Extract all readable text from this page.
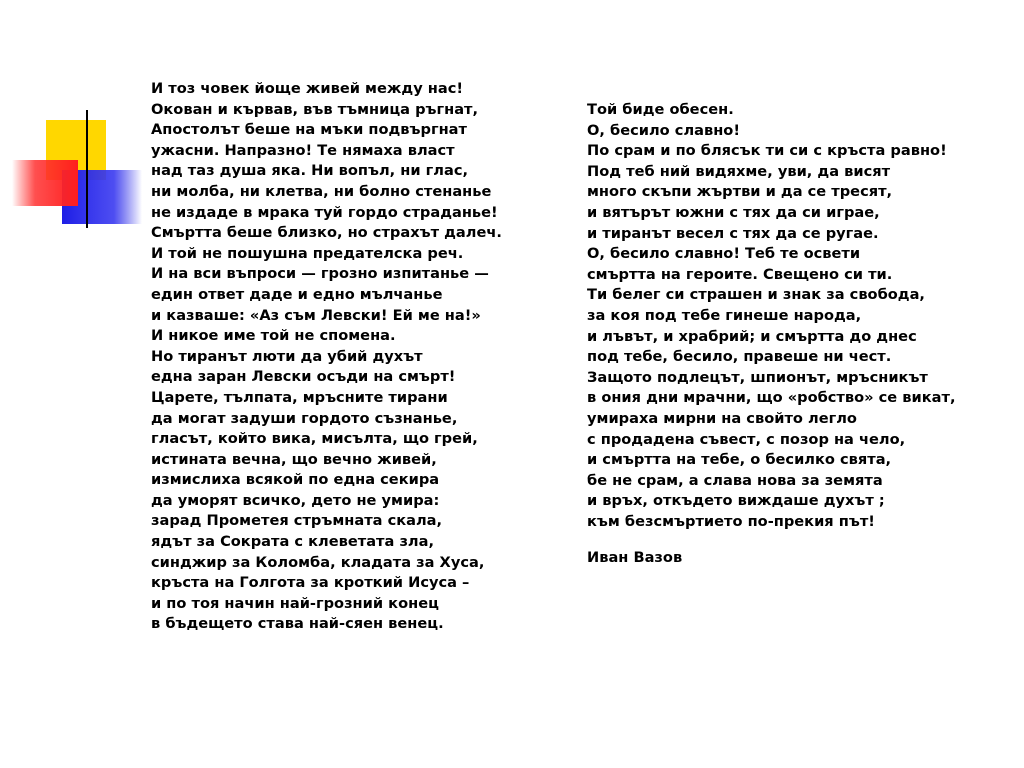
И тоз човек йоще живей между нас!
Окован и кървав, във тъмница ръгнат,
Апостолът беше на мъки подвъргнат
ужасни. Напразно! Те нямаха власт
над таз душа яка. Ни вопъл, ни глас,
ни молба, ни клетва, ни болно стенанье
не издаде в мрака туй гордо страданье!
Смъртта беше близко, но страхът далеч.
И той не пошушна предателска реч.
И на вси въпроси — грозно изпитанье —
един ответ даде и едно мълчанье
и казваше: «Аз съм Левски! Ей ме на!»
И никое име той не спомена.
Но тиранът люти да убий духът
една заран Левски осъди на смърт!
Царете, тълпата, мръсните тирани
да могат задуши гордото съзнанье,
гласът, който вика, мисълта, що грей,
истината вечна, що вечно живей,
измислиха всякой по една секира
да уморят всичко, дето не умира:
зарад Прометея стръмната скала,
ядът за Сократа с клеветата зла,
синджир за Коломба, кладата за Хуса,
кръста на Голгота за кроткий Исуса –
и по тоя начин най-грозний конец
в бъдещето става най-сяен венец.
Той биде обесен.
О, бесило славно!
По срам и по блясък ти си с кръста равно!
Под теб ний видяхме, уви, да висят
много скъпи жъртви и да се тресят,
и вятърът южни с тях да си играе,
и тиранът весел с тях да се ругае.
О, бесило славно! Теб те освети
смъртта на героите. Свещено си ти.
Ти белег си страшен и знак за свобода,
за коя под тебе гинеше народа,
и лъвът, и храбрий; и смъртта до днес
под тебе, бесило, правеше ни чест.
Защото подлецът, шпионът, мръсникът
в ония дни мрачни, що «робство» се викат,
умираха мирни на свойто легло
с продадена съвест, с позор на чело,
и смъртта на тебе, о бесилко свята,
бе не срам, а слава нова за земята
и връх, откъдето виждаше духът ;
към безсмъртието по-прекия път!
Иван Вазов
